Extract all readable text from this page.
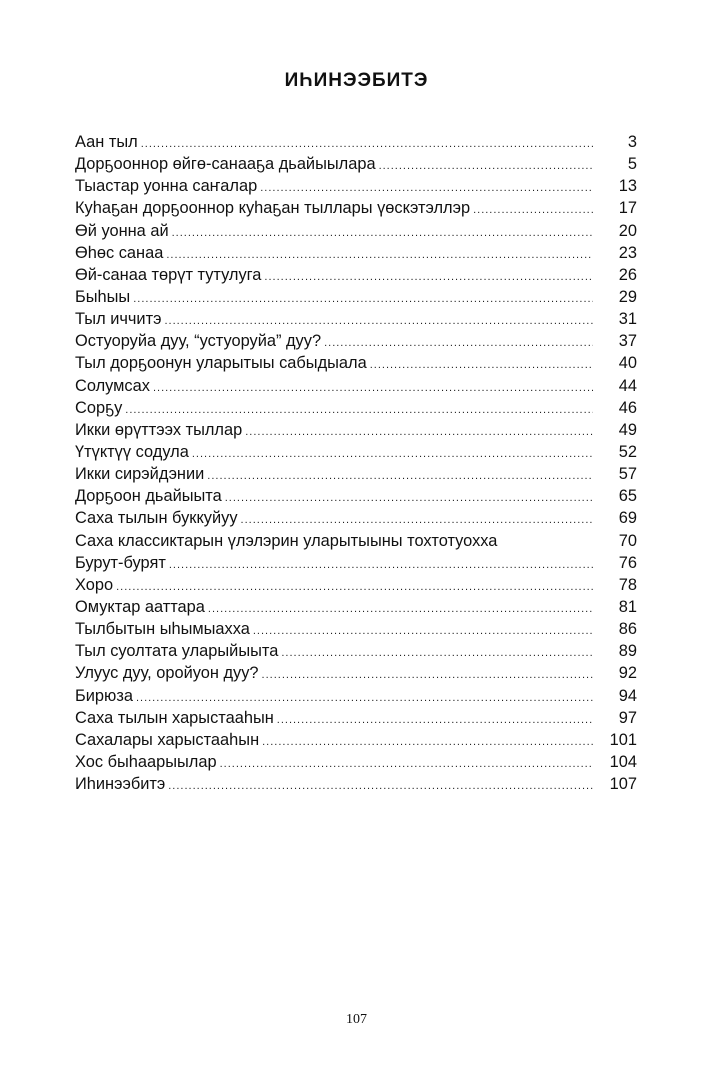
ИҺИНЭЭБИТЭ
Аан тыл .....	3
Дорҕоонноp өйгө-санааҕа дьайыылара .....	5
Тыастар уонна саҥалар .....	13
Куһаҕан дорҕооннор куһаҕан тыллары үөскэтэллэр .....	17
Өй уонна ай .....	20
Өһөс санаа .....	23
Өй-санаа төрүт тутулуга .....	26
Быһыы .....	29
Тыл иччитэ .....	31
Остуоруйа дуу, “устуоруйа” дуу? .....	37
Тыл дорҕоонун уларытыы сабыдыала .....	40
Солумсах .....	44
Сорҕу .....	46
Икки өрүттээх тыллар .....	49
Үтүктүү содула .....	52
Икки сирэйдэнии .....	57
Дорҕоон дьайыыта .....	65
Саха тылын буккуйуу .....	69
Саха классиктарын үлэлэрин уларытыыны тохтотуохха	70
Бурут-бурят .....	76
Хоро .....	78
Омуктар ааттара .....	81
Тылбытын ыһымыахха .....	86
Тыл суолтата уларыйыыта .....	89
Улуус дуу, оройуон дуу? .....	92
Бирюза .....	94
Саха тылын харыстааһын .....	97
Сахалары харыстааһын .....	101
Хос быһаарыылар .....	104
Иһинээбитэ .....	107
107
